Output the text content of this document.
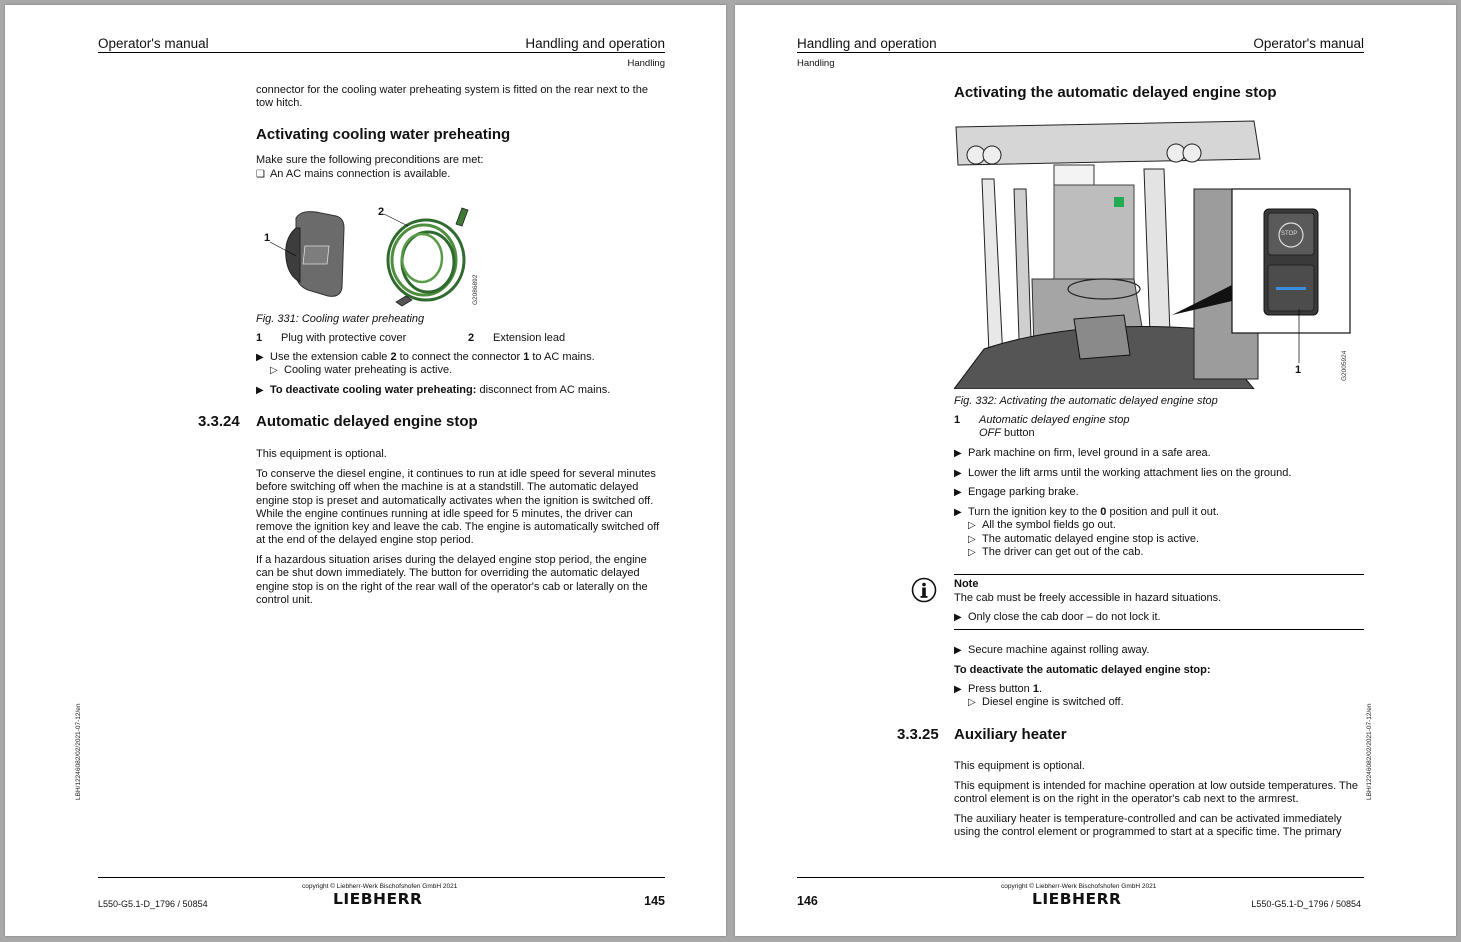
Operator's manual	Handling and operation
Handling
connector for the cooling water preheating system is fitted on the rear next to the
tow hitch.
Activating cooling water preheating
Make sure the following preconditions are met:
❑ An AC mains connection is available.
1
2
G2086892
Fig. 331: Cooling water preheating
1 Plug with protective cover	2 Extension lead
▶ Use the extension cable 2 to connect the connector 1 to AC mains.
▷ Cooling water preheating is active.
▶ To deactivate cooling water preheating: disconnect from AC mains.
3.3.24 Automatic delayed engine stop
This equipment is optional.
To conserve the diesel engine, it continues to run at idle speed for several minutes
before switching off when the machine is at a standstill. The automatic delayed
engine stop is preset and automatically activates when the ignition is switched off.
While the engine continues running at idle speed for 5 minutes, the driver can
remove the ignition key and leave the cab. The engine is automatically switched off
at the end of the delayed engine stop period.
If a hazardous situation arises during the delayed engine stop period, the engine
can be shut down immediately. The button for overriding the automatic delayed
engine stop is on the right of the rear wall of the operator's cab or laterally on the
control unit.
LBH/12246082/02/2021-07-12/en
copyright © Liebherr-Werk Bischofshofen GmbH 2021
L550-G5.1-D_1796 / 50854	LIEBHERR	145
Handling and operation	Operator's manual
Handling
Activating the automatic delayed engine stop
STOP
1	G2005924
Fig. 332: Activating the automatic delayed engine stop
1 Automatic delayed engine stop
OFF button
▶ Park machine on firm, level ground in a safe area.
▶ Lower the lift arms until the working attachment lies on the ground.
▶ Engage parking brake.
▶ Turn the ignition key to the 0 position and pull it out.
▷ All the symbol fields go out.
▷ The automatic delayed engine stop is active.
▷ The driver can get out of the cab.
Note
The cab must be freely accessible in hazard situations.
▶ Only close the cab door – do not lock it.
▶ Secure machine against rolling away.
To deactivate the automatic delayed engine stop:
▶ Press button 1.
▷ Diesel engine is switched off.
3.3.25 Auxiliary heater
This equipment is optional.
This equipment is intended for machine operation at low outside temperatures. The
control element is on the right in the operator's cab next to the armrest.
The auxiliary heater is temperature-controlled and can be activated immediately
using the control element or programmed to start at a specific time. The primary
LBH/12246082/02/2021-07-12/en
copyright © Liebherr-Werk Bischofshofen GmbH 2021
146	LIEBHERR	L550-G5.1-D_1796 / 50854
